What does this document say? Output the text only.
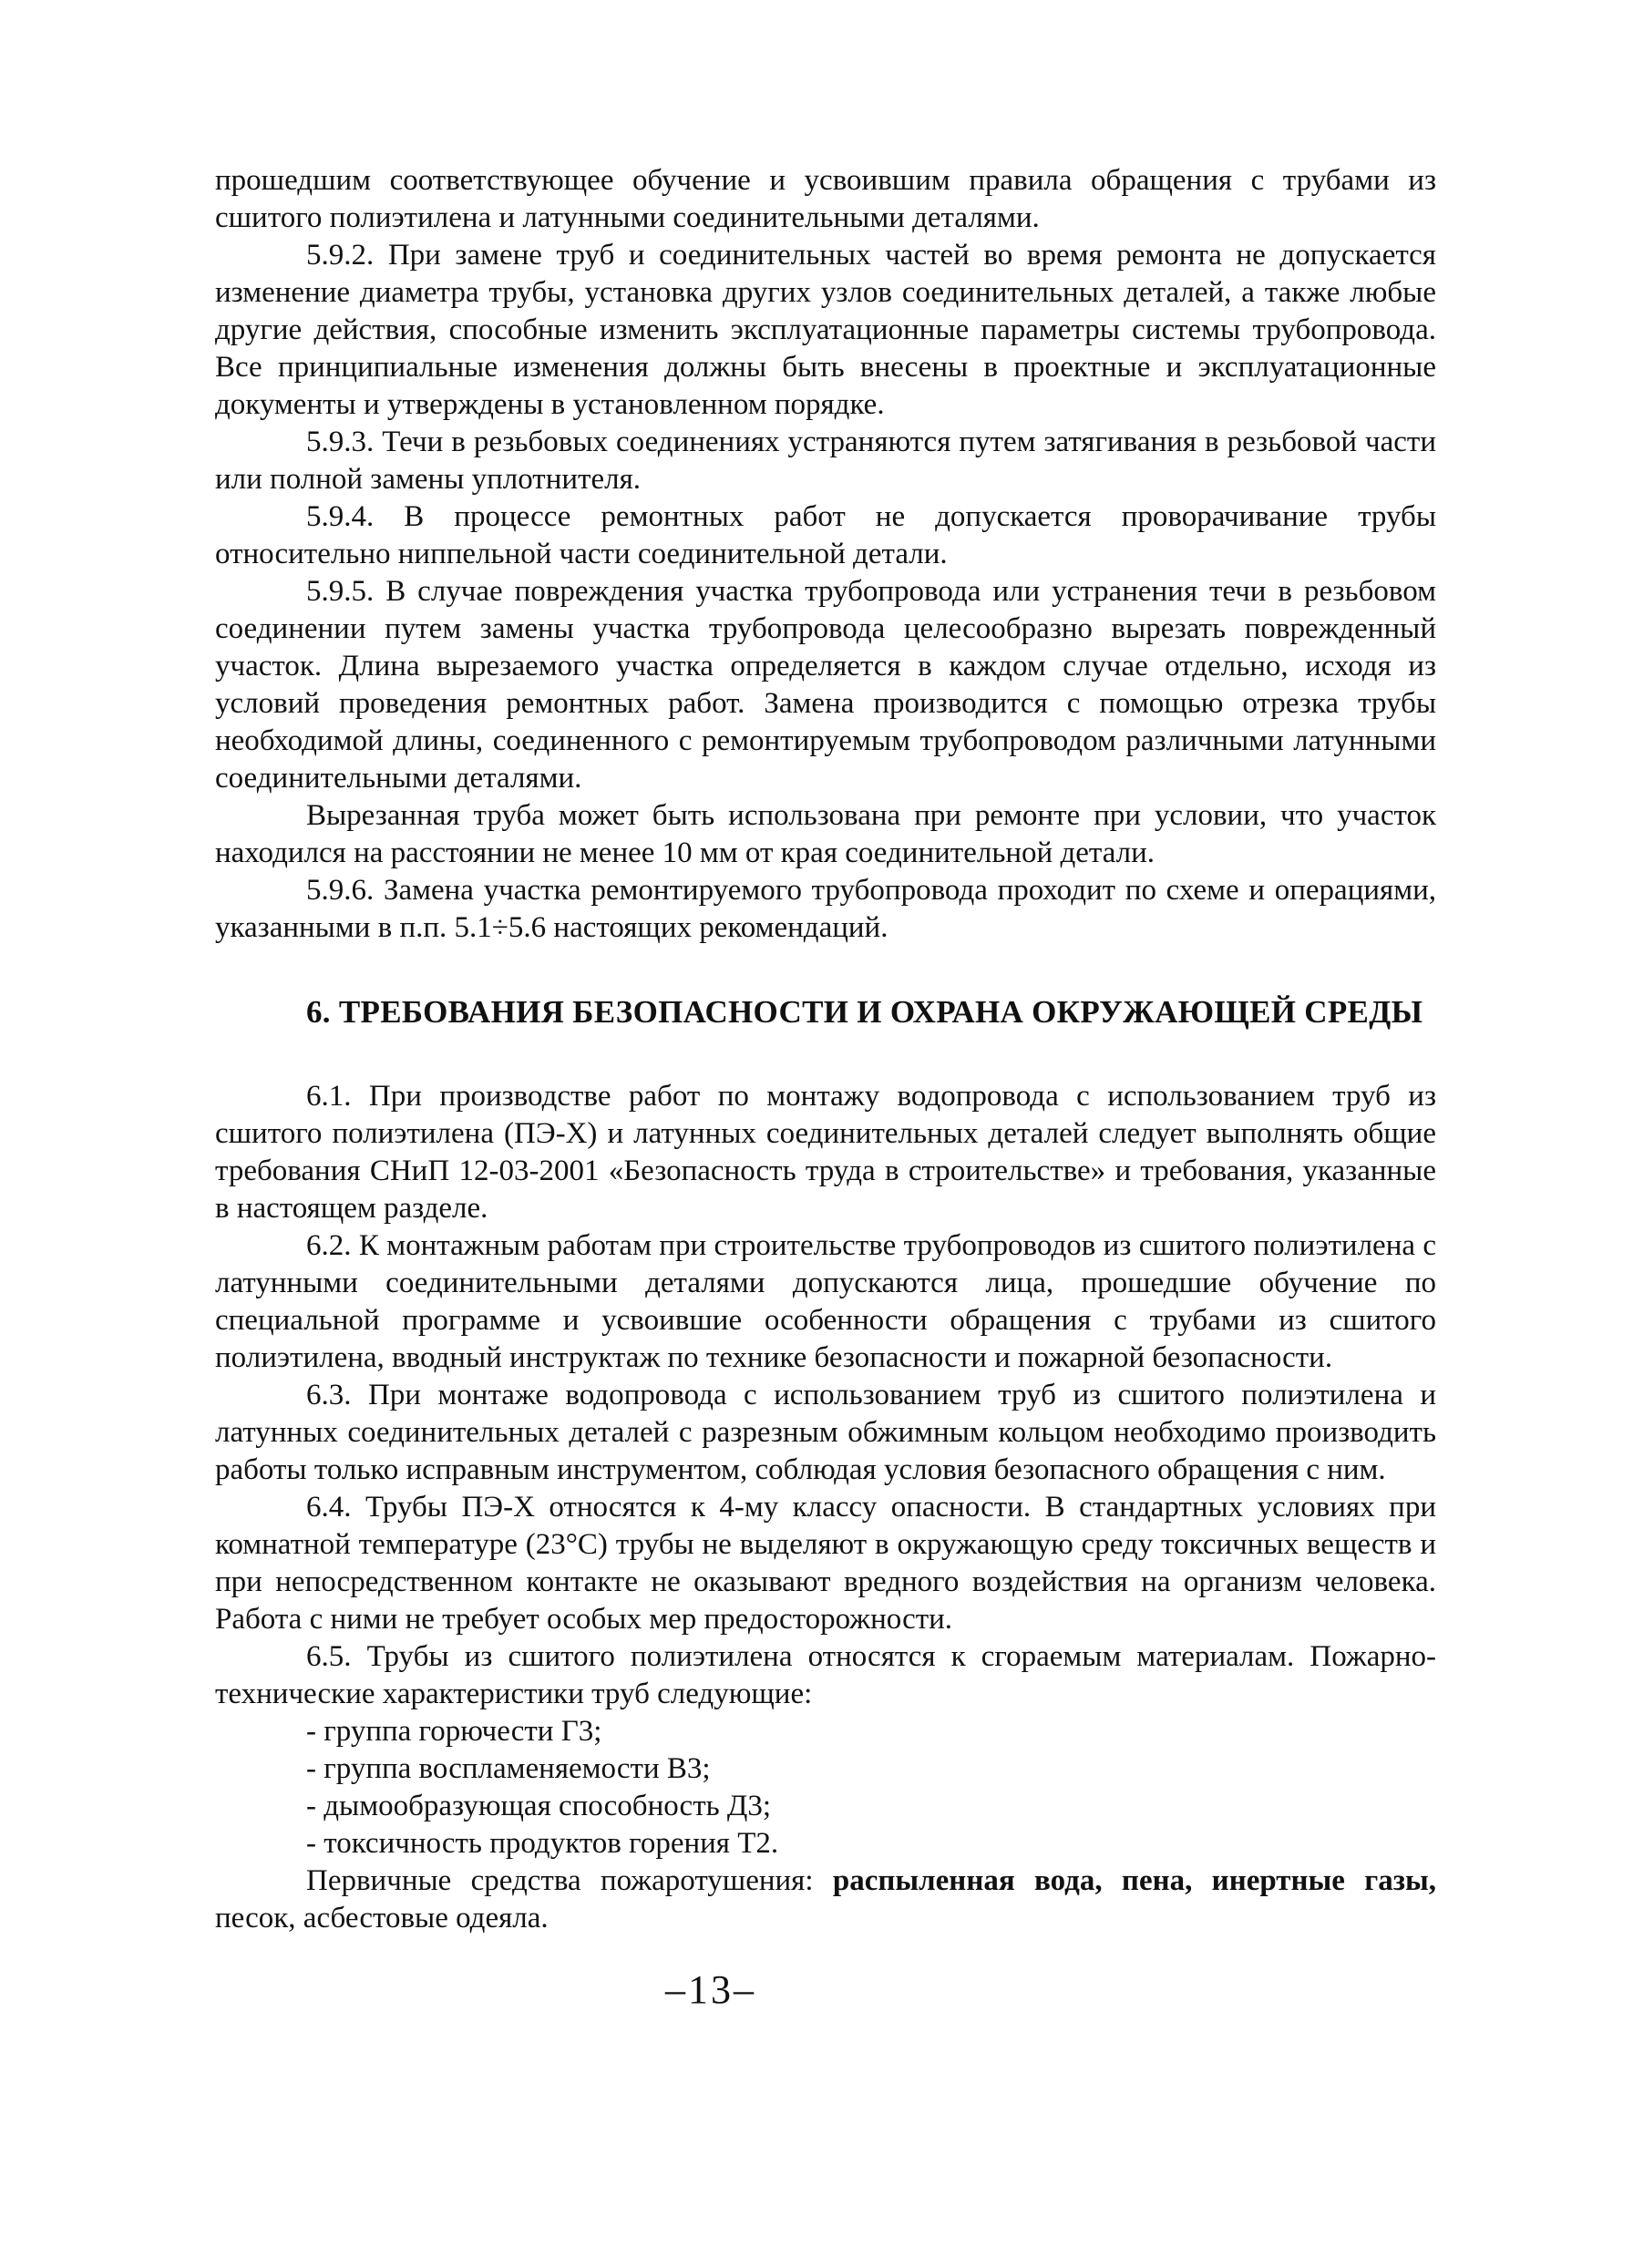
прошедшим соответствующее обучение и усвоившим правила обращения с трубами из сшитого полиэтилена и латунными соединительными деталями.

5.9.2. При замене труб и соединительных частей во время ремонта не допускается изменение диаметра трубы, установка других узлов соединительных деталей, а также любые другие действия, способные изменить эксплуатационные параметры системы трубопровода. Все принципиальные изменения должны быть внесены в проектные и эксплуатационные документы и утверждены в установленном порядке.

5.9.3. Течи в резьбовых соединениях устраняются путем затягивания в резьбовой части или полной замены уплотнителя.

5.9.4. В процессе ремонтных работ не допускается проворачивание трубы относительно ниппельной части соединительной детали.

5.9.5. В случае повреждения участка трубопровода или устранения течи в резьбовом соединении путем замены участка трубопровода целесообразно вырезать поврежденный участок. Длина вырезаемого участка определяется в каждом случае отдельно, исходя из условий проведения ремонтных работ. Замена производится с помощью отрезка трубы необходимой длины, соединенного с ремонтируемым трубопроводом различными латунными соединительными деталями.

Вырезанная труба может быть использована при ремонте при условии, что участок находился на расстоянии не менее 10 мм от края соединительной детали.

5.9.6. Замена участка ремонтируемого трубопровода проходит по схеме и операциями, указанными в п.п. 5.1÷5.6 настоящих рекомендаций.

6. ТРЕБОВАНИЯ БЕЗОПАСНОСТИ И ОХРАНА ОКРУЖАЮЩЕЙ СРЕДЫ

6.1. При производстве работ по монтажу водопровода с использованием труб из сшитого полиэтилена (ПЭ-Х) и латунных соединительных деталей следует выполнять общие требования СНиП 12-03-2001 «Безопасность труда в строительстве» и требования, указанные в настоящем разделе.

6.2. К монтажным работам при строительстве трубопроводов из сшитого полиэтилена с латунными соединительными деталями допускаются лица, прошедшие обучение по специальной программе и усвоившие особенности обращения с трубами из сшитого полиэтилена, вводный инструктаж по технике безопасности и пожарной безопасности.

6.3. При монтаже водопровода с использованием труб из сшитого полиэтилена и латунных соединительных деталей с разрезным обжимным кольцом необходимо производить работы только исправным инструментом, соблюдая условия безопасного обращения с ним.

6.4. Трубы ПЭ-Х относятся к 4-му классу опасности. В стандартных условиях при комнатной температуре (23°С) трубы не выделяют в окружающую среду токсичных веществ и при непосредственном контакте не оказывают вредного воздействия на организм человека. Работа с ними не требует особых мер предосторожности.

6.5. Трубы из сшитого полиэтилена относятся к сгораемым материалам. Пожарно-технические характеристики труб следующие:

- группа горючести Г3;

- группа воспламеняемости В3;

- дымообразующая способность Д3;

- токсичность продуктов горения Т2.

Первичные средства пожаротушения: распыленная вода, пена, инертные газы, песок, асбестовые одеяла.

–13–
